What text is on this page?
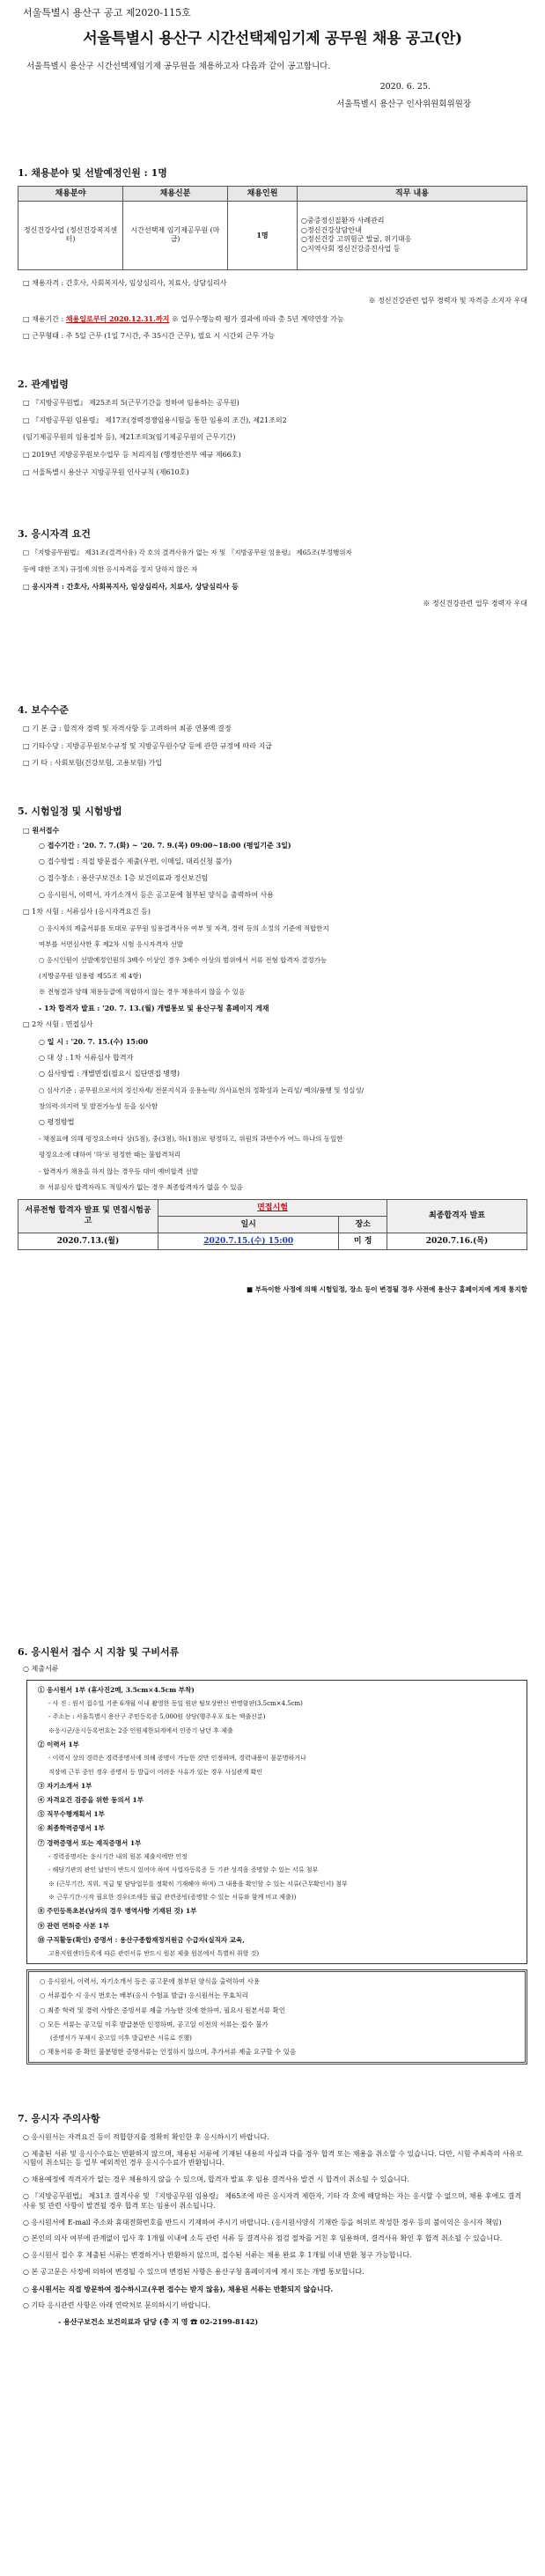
서울특별시 용산구 공고 제2020-115호
서울특별시 용산구 시간선택제임기제 공무원 채용 공고(안)
서울특별시 용산구 시간선택제임기제 공무원을 채용하고자 다음과 같이 공고합니다.
2020. 6. 25.
서울특별시 용산구 인사위원회위원장
1. 채용분야 및 선발예정인원 : 1명
채용분야	채용신분	채용인원	직무 내용
정신건강사업 (정신건강복지센터)	시간선택제 임기제공무원 (마급)	1명	○중증정신질환자 사례관리
○정신건강상담안내
○정신건강 고위험군 발굴, 위기대응
○지역사회 정신건강증진사업 등
□ 채용자격 : 간호사, 사회복지사, 임상심리사, 치료사, 상담심리사
※ 정신건강관련 업무 경력자 및 자격증 소지자 우대
□ 채용기간 : 채용일로부터 2020.12.31.까지 ※ 업무수행능력 평가 결과에 따라 총 5년 계약연장 가능
□ 근무형태 : 주 5일 근무 (1일 7시간, 주 35시간 근무), 필요 시 시간외 근무 가능
2. 관계법령
□ 『지방공무원법』 제25조의 5(근무기간을 정하여 임용하는 공무원)
□ 『지방공무원 임용령』 제17조(경력경쟁임용시험을 통한 임용의 조건), 제21조의2
(임기제공무원의 임용절차 등), 제21조의3(임기제공무원의 근무기간)
□ 2019년 지방공무원보수업무 등 처리지침 (행정안전부 예규 제66호)
□ 서울특별시 용산구 지방공무원 인사규칙 (제610호)
3. 응시자격 요건
□ 『지방공무원법』 제31조(결격사유) 각 호의 결격사유가 없는 자 및 『지방공무원 임용령』 제65조(부정행위자
등에 대한 조치) 규정에 의한 응시자격을 정지 당하지 않은 자
□ 응시자격 : 간호사, 사회복지사, 임상심리사, 치료사, 상담심리사 등
※ 정신건강관련 업무 경력자 우대
4. 보수수준
□ 기 본 급 : 합격자 경력 및 자격사항 등 고려하여 최종 연봉액 결정
□ 기타수당 : 지방공무원보수규정 및 지방공무원수당 등에 관한 규정에 따라 지급
□ 기 타 : 사회보험(건강보험, 고용보험) 가입
5. 시험일정 및 시험방법
□ 원서접수
○ 접수기간 : '20. 7. 7.(화) ~ '20. 7. 9.(목) 09:00~18:00 (평일기준 3일)
○ 접수방법 : 직접 방문접수 제출(우편, 이메일, 대리신청 불가)
○ 접수장소 : 용산구보건소 1층 보건의료과 정신보건팀
○ 응시원서, 이력서, 자기소개서 등은 공고문에 첨부된 양식을 출력하여 사용
□ 1차 시험 : 서류심사 (응시자격요건 등)
○ 응시자의 제출서류를 토대로 공무원 임용결격사유 여부 및 자격, 경력 등의 소정의 기준에 적합한지
여부를 서면심사한 후 제2차 시험 응시자격자 선발
○ 응시인원이 선발예정인원의 3배수 이상인 경우 3배수 이상의 범위에서 서류 전형 합격자 결정가능
(지방공무원 임용령 제55조 제 4항)
※ 전형결과 양해 채용등급에 적합하지 않는 경우 채용하지 않을 수 있음
- 1차 합격자 발표 : '20. 7. 13.(월) 개별통보 및 용산구청 홈페이지 게재
□ 2차 시험 : 면접심사
○ 일 시 : '20. 7. 15.(수) 15:00
○ 대 상 : 1차 서류심사 합격자
○ 심사방법 : 개별면접(필요시 집단면접 병행)
○ 심사기준 : 공무원으로서의 정신자세/ 전문지식과 응용능력/ 의사표현의 정확성과 논리성/ 예의/품행 및 성실성/
창의력·의지력 및 발전가능성 등을 심사함
○ 평정방법
- 채점표에 의해 평정요소마다 상(5점), 중(3점), 하(1점)로 평정하고, 위원의 과반수가 어느 하나의 동일한
평정요소에 대하여 '하'로 평정한 때는 불합격처리
- 합격자가 채용을 하지 않는 경우등 대비 예비합격 선발
※ 서류심사 합격자라도 적임자가 없는 경우 최종합격자가 없을 수 있음
서류전형 합격자 발표 및 면접시험공고	면접시험		최종합격자 발표
	일시	장소	
2020.7.13.(월)	2020.7.15.(수) 15:00	미 정	2020.7.16.(목)
■ 부득이한 사정에 의해 시험일정, 장소 등이 변경될 경우 사전에 용산구 홈페이지에 게재 통지함
6. 응시원서 접수 시 지참 및 구비서류
○ 제출서류
① 응시원서 1부 (휴사진2매, 3.5cm×4.5cm 부착)
- 사 진 : 원서 접수일 기준 6개월 이내 촬영한 동일 원판 탈모상반신 반명함판(3.5cm×4.5cm)
- 주소는 : 서울특별시 용산구 주민등록증 5,000원 상당(행주우포 또는 액출신분)
※응시군/응시등록번호는 2중 인원제한되게에서 인증기 남던 후 제출
② 이력서 1부
- 이력서 상의 경력은 경력증명서에 의해 증명이 가능한 것만 인정하며, 경력내용이 불분명하거나
직장에 근무 중인 경우 증명서 등 발급이 어려운 사유가 있는 경우 사실관계 확인
③ 자기소개서 1부
④ 자격요건 검증을 위한 동의서 1부
⑤ 직무수행계획서 1부
⑥ 최종학력증명서 1부
⑦ 경력증명서 또는 재직증명서 1부
- 경력증명서는 응시기간 내의 원본 제출서에만 인정
- 해당기관의 관인 날인이 반드시 있어야 하며 사업자등록증 등 기관 성격을 증명할 수 있는 서류 첨부
※ (근무기간, 직위, 직급 및 담당업무를 정확히 기재해야 하며) 그 내용을 확인할 수 있는 서류(근무확인서) 첨부
※ 근무기간·시작 필요한 경우(조세등 월급 관련증빙(증명할 수 있는 서류와 함께 비교 제출))
⑧ 주민등록초본(남자의 경우 병역사항 기재된 것) 1부
⑨ 관련 면허증 사본 1부
⑩ 구직활동(확인) 증명서 : 용산구종합재정지원금 수급자(실직자 교육,
고용지원센터등록에 따른 관련서류 반드시 원본 제출 원본에서 특별히 취할 것)
○ 응시원서, 이력서, 자기소개서 등은 공고문에 첨부된 양식을 출력하여 사용
○ 서류접수 시 응시 번호는 배부(응시 수험표 발급) 응시원서는 무효처리
○ 최종 학력 및 경력 사항은 증빙서류 제출 가능한 것에 한하여, 필요시 원본서류 확인
○ 모든 서류는 공고일 이후 발급분만 인정하며, 공고일 이전의 서류는 접수 불가
(증명서가 부재시 공고일 이후 발급받은 서류로 진행)
○ 채용서류 중 확인 불분명한 증명서류는 인정하지 않으며, 추가서류 제출 요구할 수 있음
7. 응시자 주의사항

○ 응시원서는 자격요건 등이 적합한지를 정확히 확인한 후 응시하시기 바랍니다.

○ 제출된 서류 및 응시수수료는 반환하지 않으며, 채용된 서류에 기재된 내용의 사실과 다를 경우 합격 또는 채용을 취소할 수 있습니다. 다만, 시험 주최측의 사유로 시험이 취소되는 등 일부 예외적인 경우 응시수수료가 반환됩니다.

○ 채용예정에 적격자가 없는 경우 채용하지 않을 수 있으며, 합격자 발표 후 임용 결격사유 발견 시 합격이 취소될 수 있습니다.

○ 『지방공무원법』 제31조 결격사유 및 『지방공무원 임용령』 제65조에 따른 응시자격 제한자, 기타 각 호에 해당하는 자는 응시할 수 없으며, 채용 후에도 결격사유 및 관련 사항이 발견될 경우 합격 또는 임용이 취소됩니다.

○ 응시원서에 E-mail 주소와 휴대전화번호를 반드시 기재하여 주시기 바랍니다. (응시원서양식 기재란 등을 허위로 작성한 경우 등의 불이익은 응시자 책임)

○ 본인의 의사 여부에 관계없이 입사 후 1개월 이내에 소득 관련 서류 등 결격사유 점검 절차를 거친 후 임용하며, 결격사유 확인 후 합격 취소될 수 있습니다.

○ 응시원서 접수 후 제출된 서류는 변경하거나 반환하지 않으며, 접수된 서류는 채용 완료 후 1개월 이내 반환 청구 가능합니다.

○ 본 공고문은 사정에 의하여 변경될 수 있으며 변경된 사항은 용산구청 홈페이지에 게시 또는 개별 통보합니다.

○ 응시원서는 직접 방문하여 접수하시고(우편 접수는 받지 않음), 채용된 서류는 반환되지 않습니다.

○ 기타 응시관련 사항은 아래 연락처로 문의하시기 바랍니다.

- 용산구보건소 보건의료과 담당 (총 지 영 ☎ 02-2199-8142)
